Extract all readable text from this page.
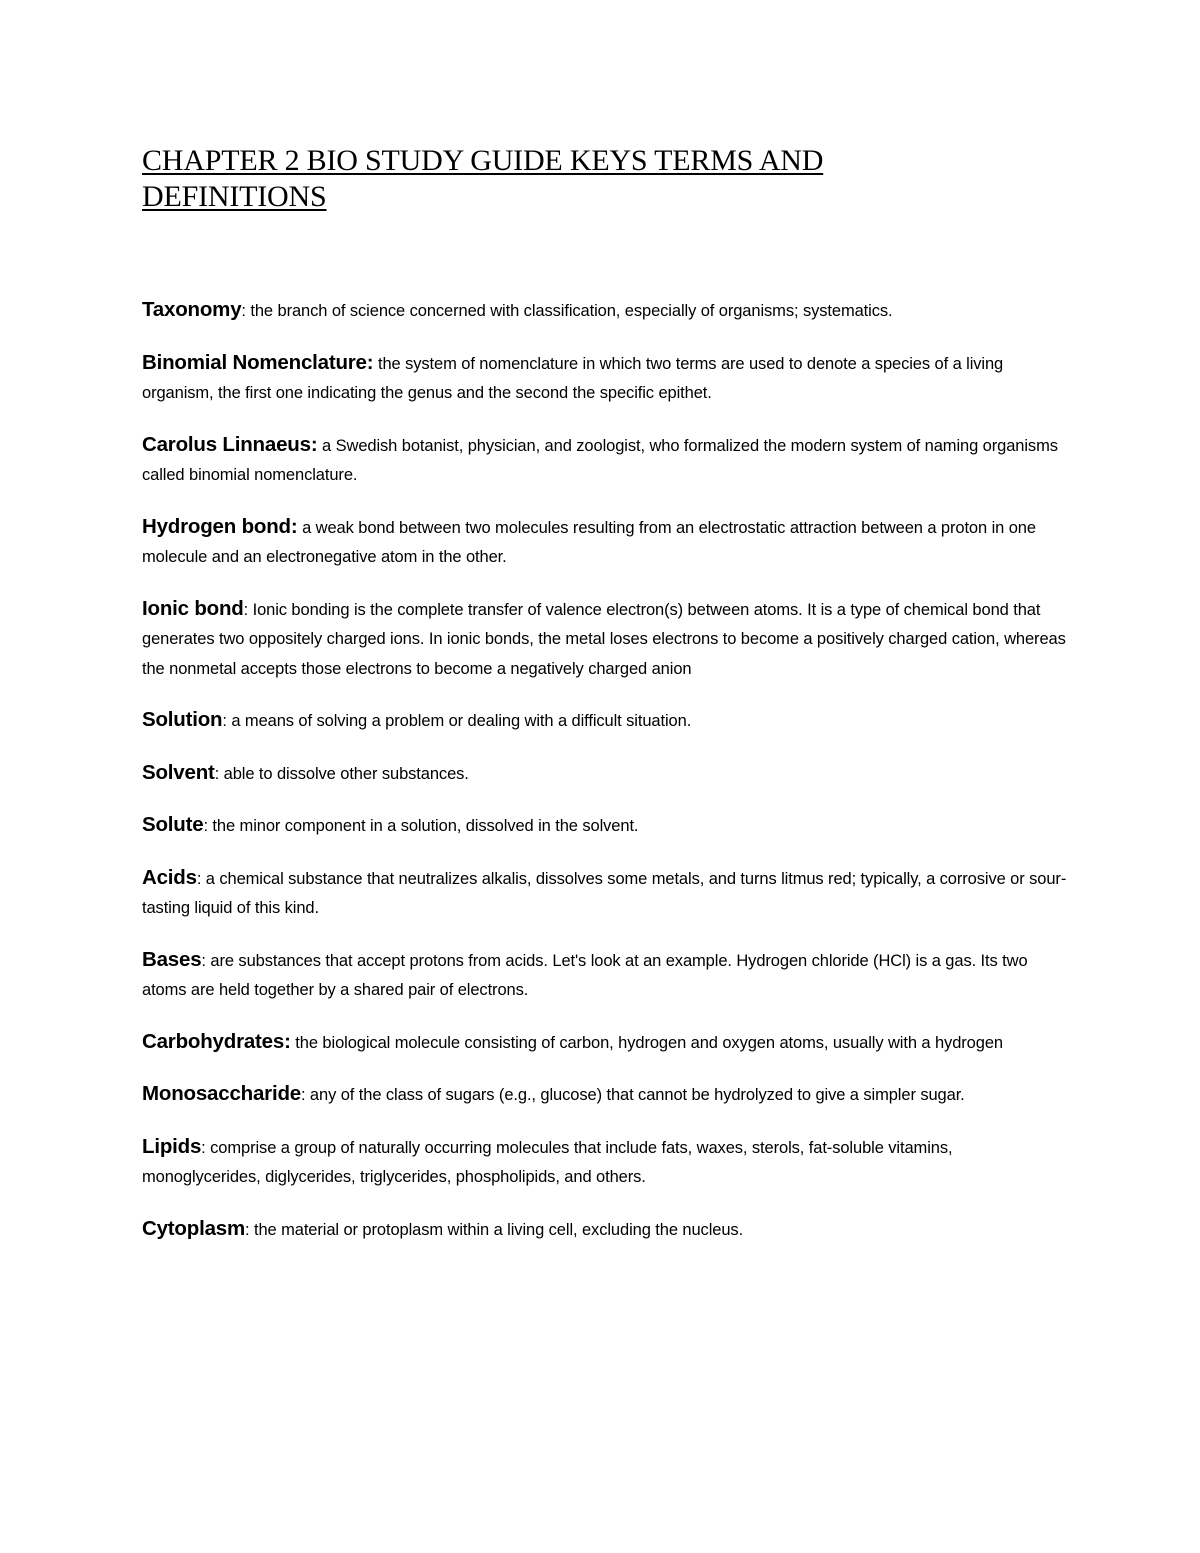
CHAPTER 2 BIO STUDY GUIDE KEYS TERMS AND DEFINITIONS
Taxonomy: the branch of science concerned with classification, especially of organisms; systematics.
Binomial Nomenclature: the system of nomenclature in which two terms are used to denote a species of a living organism, the first one indicating the genus and the second the specific epithet.
Carolus Linnaeus: a Swedish botanist, physician, and zoologist, who formalized the modern system of naming organisms called binomial nomenclature.
Hydrogen bond: a weak bond between two molecules resulting from an electrostatic attraction between a proton in one molecule and an electronegative atom in the other.
Ionic bond: Ionic bonding is the complete transfer of valence electron(s) between atoms. It is a type of chemical bond that generates two oppositely charged ions. In ionic bonds, the metal loses electrons to become a positively charged cation, whereas the nonmetal accepts those electrons to become a negatively charged anion
Solution: a means of solving a problem or dealing with a difficult situation.
Solvent: able to dissolve other substances.
Solute: the minor component in a solution, dissolved in the solvent.
Acids: a chemical substance that neutralizes alkalis, dissolves some metals, and turns litmus red; typically, a corrosive or sour-tasting liquid of this kind.
Bases: are substances that accept protons from acids. Let's look at an example. Hydrogen chloride (HCl) is a gas. Its two atoms are held together by a shared pair of electrons.
Carbohydrates: the biological molecule consisting of carbon, hydrogen and oxygen atoms, usually with a hydrogen
Monosaccharide: any of the class of sugars (e.g., glucose) that cannot be hydrolyzed to give a simpler sugar.
Lipids: comprise a group of naturally occurring molecules that include fats, waxes, sterols, fat-soluble vitamins, monoglycerides, diglycerides, triglycerides, phospholipids, and others.
Cytoplasm: the material or protoplasm within a living cell, excluding the nucleus.
